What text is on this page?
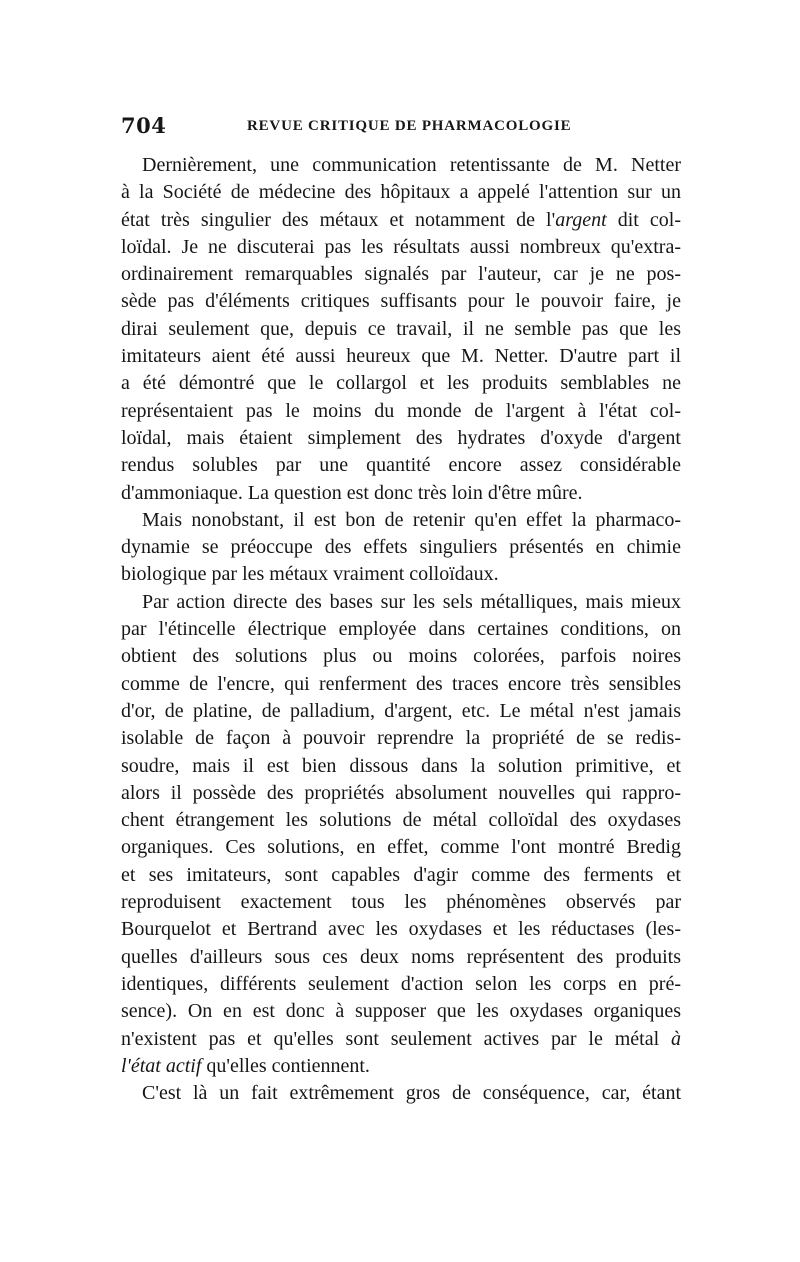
704	REVUE CRITIQUE DE PHARMACOLOGIE
Dernièrement, une communication retentissante de M. Netter
à la Société de médecine des hôpitaux a appelé l'attention sur un
état très singulier des métaux et notamment de l'argent dit col-
loïdal. Je ne discuterai pas les résultats aussi nombreux qu'extra-
ordinairement remarquables signalés par l'auteur, car je ne pos-
sède pas d'éléments critiques suffisants pour le pouvoir faire, je
dirai seulement que, depuis ce travail, il ne semble pas que les
imitateurs aient été aussi heureux que M. Netter. D'autre part il
a été démontré que le collargol et les produits semblables ne
représentaient pas le moins du monde de l'argent à l'état col-
loïdal, mais étaient simplement des hydrates d'oxyde d'argent
rendus solubles par une quantité encore assez considérable
d'ammoniaque. La question est donc très loin d'être mûre.
Mais nonobstant, il est bon de retenir qu'en effet la pharmaco-
dynamie se préoccupe des effets singuliers présentés en chimie
biologique par les métaux vraiment colloïdaux.
Par action directe des bases sur les sels métalliques, mais mieux
par l'étincelle électrique employée dans certaines conditions, on
obtient des solutions plus ou moins colorées, parfois noires
comme de l'encre, qui renferment des traces encore très sensibles
d'or, de platine, de palladium, d'argent, etc. Le métal n'est jamais
isolable de façon à pouvoir reprendre la propriété de se redis-
soudre, mais il est bien dissous dans la solution primitive, et
alors il possède des propriétés absolument nouvelles qui rappro-
chent étrangement les solutions de métal colloïdal des oxydases
organiques. Ces solutions, en effet, comme l'ont montré Bredig
et ses imitateurs, sont capables d'agir comme des ferments et
reproduisent exactement tous les phénomènes observés par
Bourquelot et Bertrand avec les oxydases et les réductases (les-
quelles d'ailleurs sous ces deux noms représentent des produits
identiques, différents seulement d'action selon les corps en pré-
sence). On en est donc à supposer que les oxydases organiques
n'existent pas et qu'elles sont seulement actives par le métal à
l'état actif qu'elles contiennent.
C'est là un fait extrêmement gros de conséquence, car, étant
